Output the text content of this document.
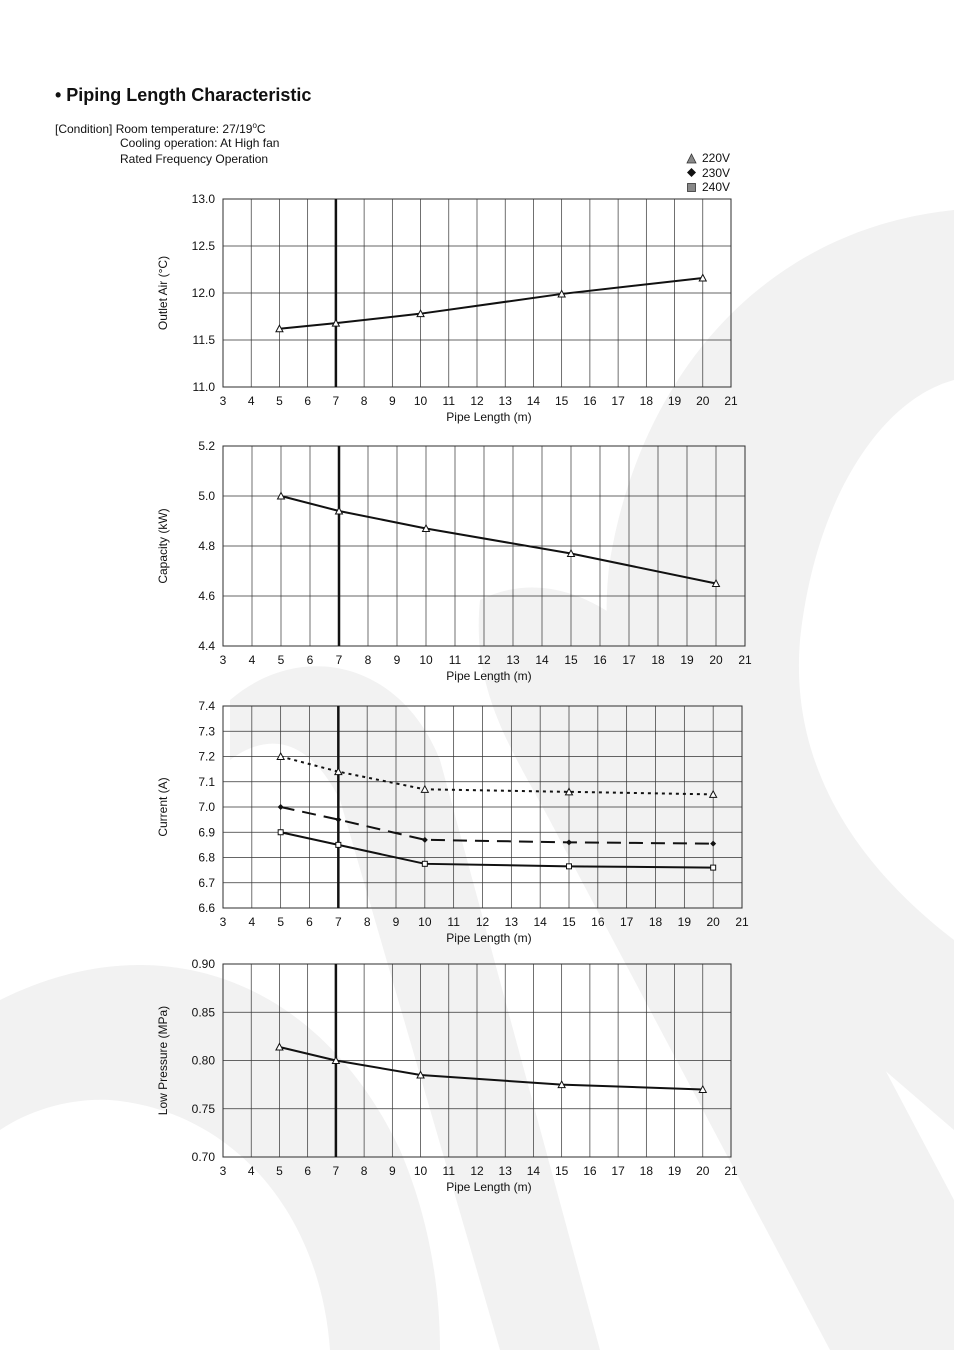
• Piping Length Characteristic
[Condition] Room temperature: 27/19$^o$C
Cooling operation: At High fan
Rated Frequency Operation	220V
230V
240V
3 4 5 6 7 8 9 10 11 12 13 14 15 16 17 18 19 20 21
11.0
11.5
12.0
12.5
13.0
Pipe Length (m)
Outlet Air (°C)
3 4 5 6 7 8 9 10 11 12 13 14 15 16 17 18 19 20 21
4.4
4.6
4.8
5.0
5.2
Pipe Length (m)
Capacity (kW)
3 4 5 6 7 8 9 10 11 12 13 14 15 16 17 18 19 20 21
6.6
6.7
6.8
6.9
7.0
7.1
7.2
7.3
7.4
Pipe Length (m)
Current (A)
3 4 5 6 7 8 9 10 11 12 13 14 15 16 17 18 19 20 21
0.70
0.75
0.80
0.85
0.90
Pipe Length (m)
Low Pressure (MPa)
